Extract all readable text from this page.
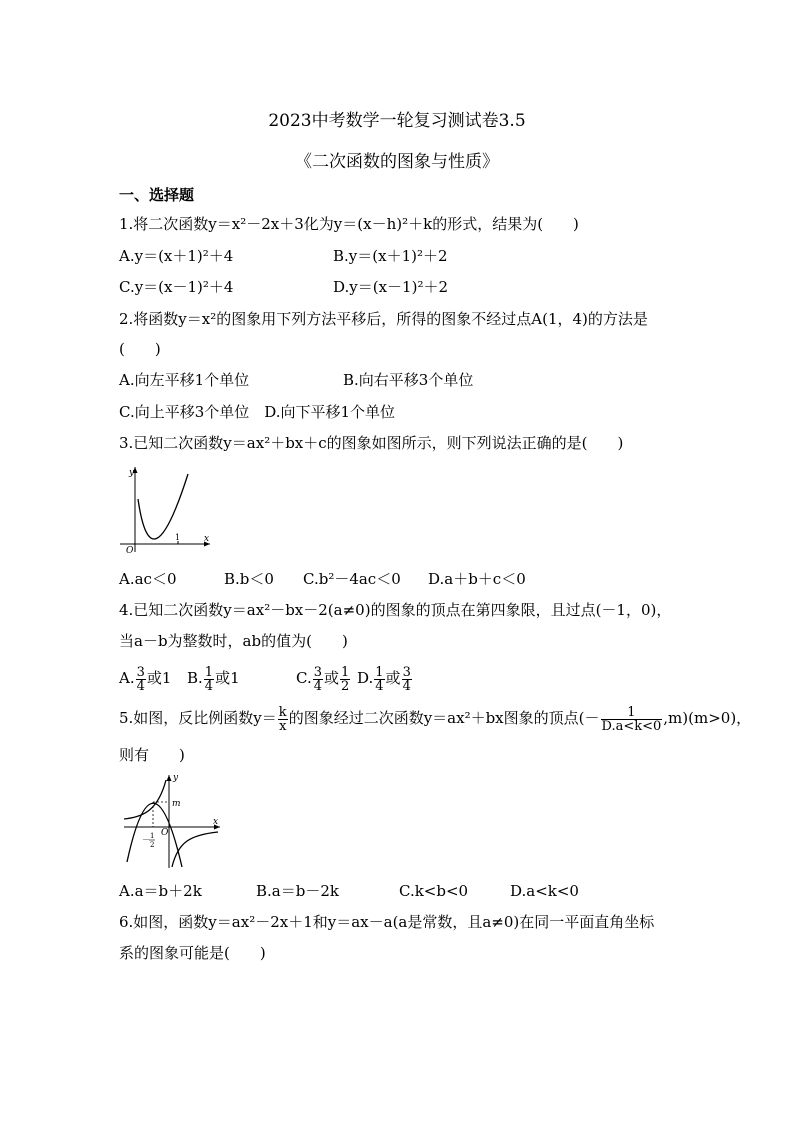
2023中考数学一轮复习测试卷3.5
《二次函数的图象与性质》
一、选择题
1.将二次函数y＝x²－2x＋3化为y＝(x－h)²＋k的形式，结果为(　　)
A.y＝(x＋1)²＋4	B.y＝(x＋1)²＋2
C.y＝(x－1)²＋4	D.y＝(x－1)²＋2
2.将函数y＝x²的图象用下列方法平移后，所得的图象不经过点A(1，4)的方法是
(　　)
A.向左平移1个单位	B.向右平移3个单位
C.向上平移3个单位　D.向下平移1个单位
3.已知二次函数y＝ax²＋bx＋c的图象如图所示，则下列说法正确的是(　　)
y
O
1	x
A.ac＜0	B.b＜0 C.b²－4ac＜0 D.a＋b＋c＜0
4.已知二次函数y＝ax²－bx－2(a≠0)的图象的顶点在第四象限，且过点(－1，0)，
当a－b为整数时，ab的值为(　　)
A. $\frac{3}{4}$ 或1 B. $\frac{1}{4}$ 或1	C. $\frac{3}{4}$ 或 $\frac{1}{2} D$. $\frac{1}{4}$ 或 $\frac{3}{4}$
5.如图，反比例函数$y= \frac{k}{x}$ 的图象经过二次函数y＝ax²＋bx图象的顶点(－ $\frac{1}{D.a<k<0} ,m)(m>0)$，
则有　　)
y
m
O
x
－ 1
2
A.a＝b＋2k	B.a＝b－2k	C.k<b<0	D.a<k<0
6.如图，函数y＝ax²－2x＋1和y＝ax－a(a是常数，且a≠0)在同一平面直角坐标
系的图象可能是(　　)
